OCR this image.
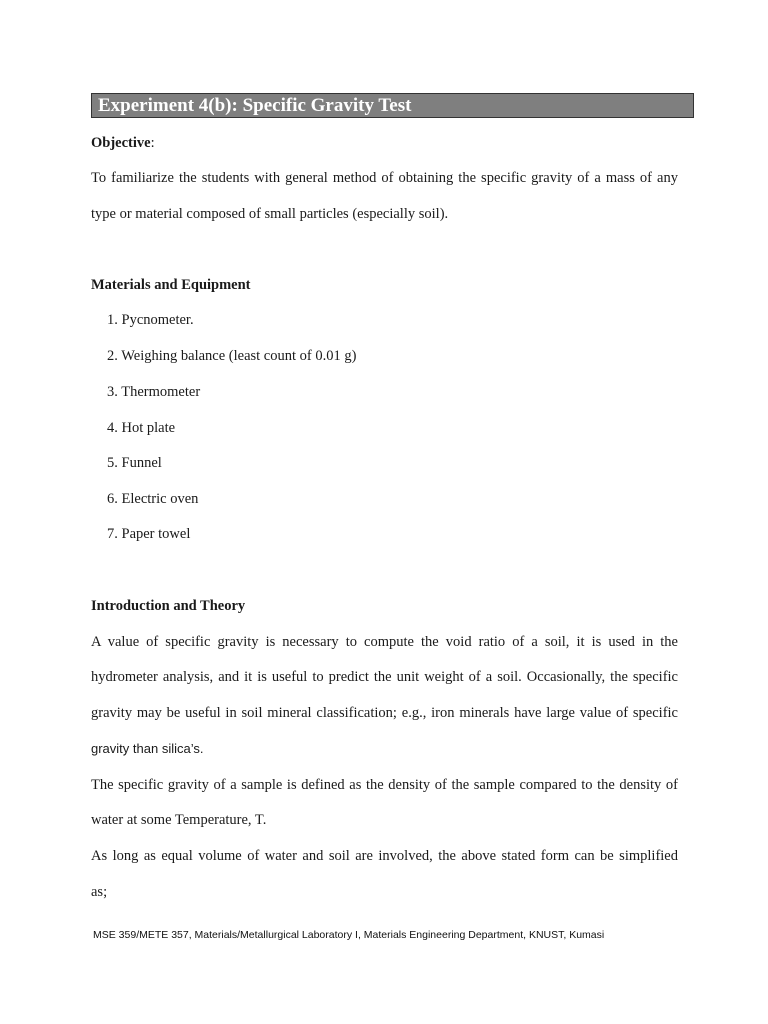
Experiment 4(b): Specific Gravity Test
Objective:
To familiarize the students with general method of obtaining the specific gravity of a mass of any
type or material composed of small particles (especially soil).
Materials and Equipment
1. Pycnometer.
2. Weighing balance (least count of 0.01 g)
3. Thermometer
4. Hot plate
5. Funnel
6. Electric oven
7. Paper towel
Introduction and Theory
A value of specific gravity is necessary to compute the void ratio of a soil, it is used in the
hydrometer analysis, and it is useful to predict the unit weight of a soil. Occasionally, the specific
gravity may be useful in soil mineral classification; e.g., iron minerals have large value of specific
gravity than silica’s.
The specific gravity of a sample is defined as the density of the sample compared to the density of
water at some Temperature, T.
As long as equal volume of water and soil are involved, the above stated form can be simplified
as;
MSE 359/METE 357, Materials/Metallurgical Laboratory I, Materials Engineering Department, KNUST, Kumasi
